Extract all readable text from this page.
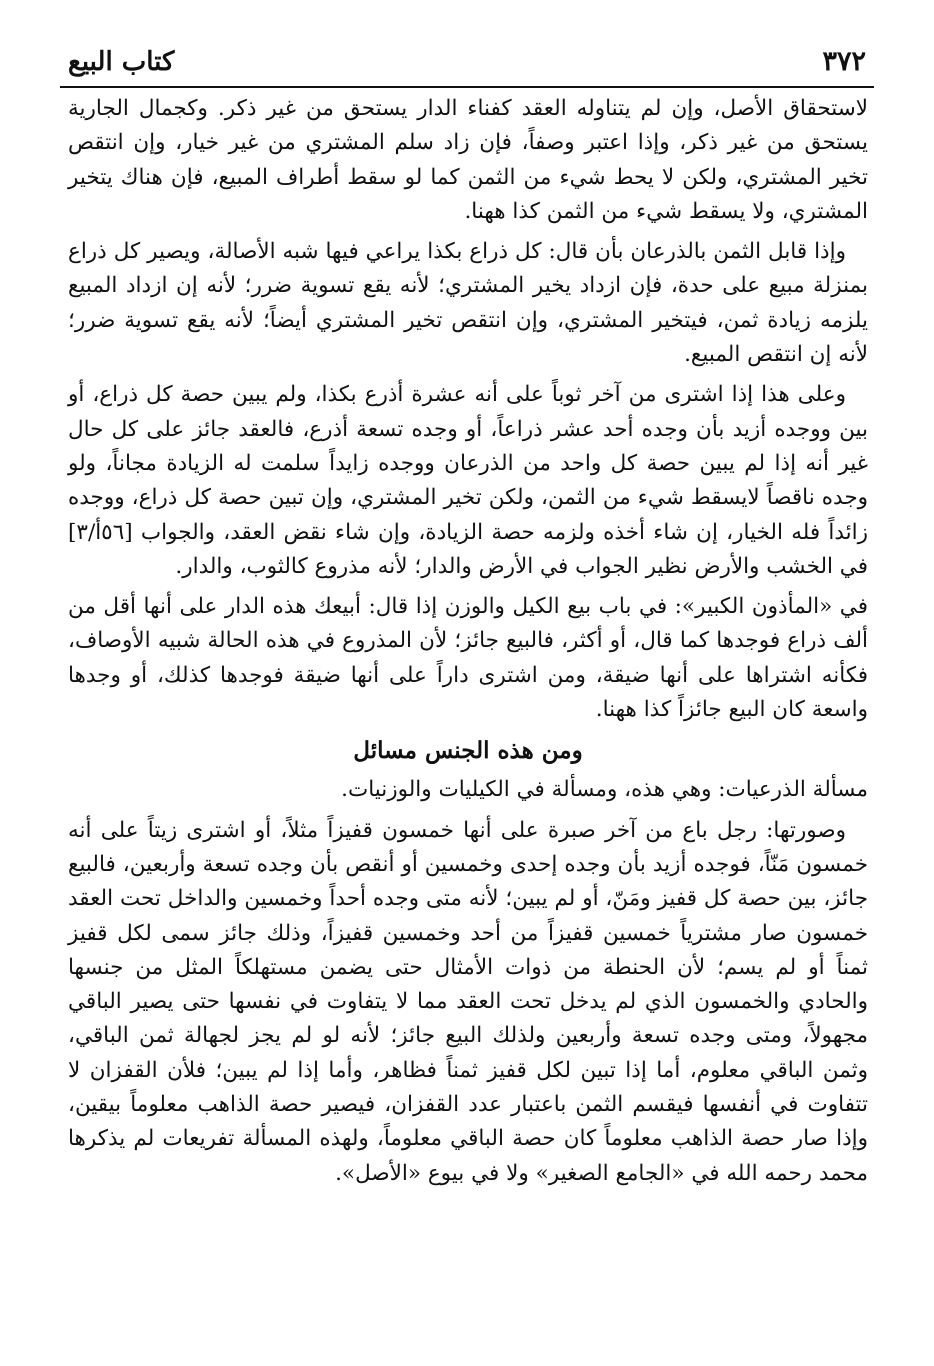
٣٧٢
كتاب البيع

لاستحقاق الأصل، وإن لم يتناوله العقد كفناء الدار يستحق من غير ذكر. وكجمال الجارية يستحق من غير ذكر، وإذا اعتبر وصفاً، فإن زاد سلم المشتري من غير خيار، وإن انتقص تخير المشتري، ولكن لا يحط شيء من الثمن كما لو سقط أطراف المبيع، فإن هناك يتخير المشتري، ولا يسقط شيء من الثمن كذا ههنا.

وإذا قابل الثمن بالذرعان بأن قال: كل ذراع بكذا يراعي فيها شبه الأصالة، ويصير كل ذراع بمنزلة مبيع على حدة، فإن ازداد يخير المشتري؛ لأنه يقع تسوية ضرر؛ لأنه إن ازداد المبيع يلزمه زيادة ثمن، فيتخير المشتري، وإن انتقص تخير المشتري أيضاً؛ لأنه يقع تسوية ضرر؛ لأنه إن انتقص المبيع.

وعلى هذا إذا اشترى من آخر ثوباً على أنه عشرة أذرع بكذا، ولم يبين حصة كل ذراع، أو بين ووجده أزيد بأن وجده أحد عشر ذراعاً، أو وجده تسعة أذرع، فالعقد جائز على كل حال غير أنه إذا لم يبين حصة كل واحد من الذرعان ووجده زايداً سلمت له الزيادة مجاناً، ولو وجده ناقصاً لايسقط شيء من الثمن، ولكن تخير المشتري، وإن تبين حصة كل ذراع، ووجده زائداً فله الخيار، إن شاء أخذه ولزمه حصة الزيادة، وإن شاء نقض العقد، والجواب [٥٦أ/٣] في الخشب والأرض نظير الجواب في الأرض والدار؛ لأنه مذروع كالثوب، والدار.

في «المأذون الكبير»: في باب بيع الكيل والوزن إذا قال: أبيعك هذه الدار على أنها أقل من ألف ذراع فوجدها كما قال، أو أكثر، فالبيع جائز؛ لأن المذروع في هذه الحالة شبيه الأوصاف، فكأنه اشتراها على أنها ضيقة، ومن اشترى داراً على أنها ضيقة فوجدها كذلك، أو وجدها واسعة كان البيع جائزاً كذا ههنا.

ومن هذه الجنس مسائل

مسألة الذرعيات: وهي هذه، ومسألة في الكيليات والوزنيات.

وصورتها: رجل باع من آخر صبرة على أنها خمسون قفيزاً مثلاً، أو اشترى زيتاً على أنه خمسون مَنّاً، فوجده أزيد بأن وجده إحدى وخمسين أو أنقص بأن وجده تسعة وأربعين، فالبيع جائز، بين حصة كل قفيز ومَنّ، أو لم يبين؛ لأنه متى وجده أحداً وخمسين والداخل تحت العقد خمسون صار مشترياً خمسين قفيزاً من أحد وخمسين قفيزاً، وذلك جائز سمى لكل قفيز ثمناً أو لم يسم؛ لأن الحنطة من ذوات الأمثال حتى يضمن مستهلكاً المثل من جنسها والحادي والخمسون الذي لم يدخل تحت العقد مما لا يتفاوت في نفسها حتى يصير الباقي مجهولاً، ومتى وجده تسعة وأربعين ولذلك البيع جائز؛ لأنه لو لم يجز لجهالة ثمن الباقي، وثمن الباقي معلوم، أما إذا تبين لكل قفيز ثمناً فظاهر، وأما إذا لم يبين؛ فلأن القفزان لا تتفاوت في أنفسها فيقسم الثمن باعتبار عدد القفزان، فيصير حصة الذاهب معلوماً بيقين، وإذا صار حصة الذاهب معلوماً كان حصة الباقي معلوماً، ولهذه المسألة تفريعات لم يذكرها محمد رحمه الله في «الجامع الصغير» ولا في بيوع «الأصل».
